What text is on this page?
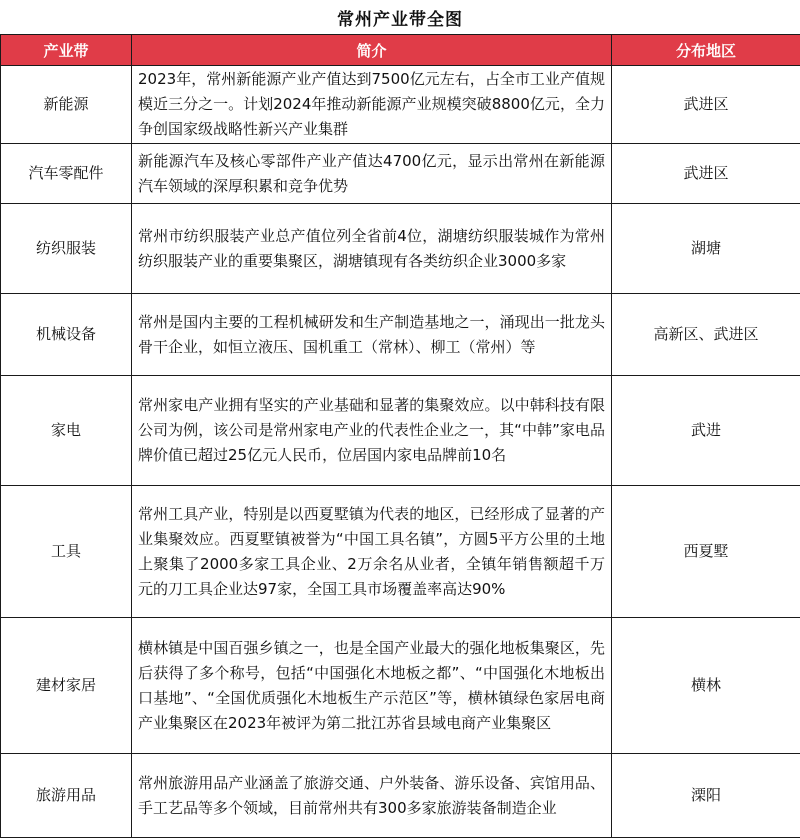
常州产业带全图
产业带	简介	分布地区
新能源	2023年，常州新能源产业产值达到7500亿元左右，占全市工业产值规模近三分之一。计划2024年推动新能源产业规模突破8800亿元，全力争创国家级战略性新兴产业集群	武进区
汽车零配件	新能源汽车及核心零部件产业产值达4700亿元，显示出常州在新能源汽车领域的深厚积累和竞争优势	武进区
纺织服装	常州市纺织服装产业总产值位列全省前4位，湖塘纺织服装城作为常州纺织服装产业的重要集聚区，湖塘镇现有各类纺织企业3000多家	湖塘
机械设备	常州是国内主要的工程机械研发和生产制造基地之一，涌现出一批龙头骨干企业，如恒立液压、国机重工（常林）、柳工（常州）等	高新区、武进区
家电	常州家电产业拥有坚实的产业基础和显著的集聚效应。以中韩科技有限公司为例，该公司是常州家电产业的代表性企业之一，其“中韩”家电品牌价值已超过25亿元人民币，位居国内家电品牌前10名	武进
工具	常州工具产业，特别是以西夏墅镇为代表的地区，已经形成了显著的产业集聚效应。西夏墅镇被誉为“中国工具名镇”，方圆5平方公里的土地上聚集了2000多家工具企业、2万余名从业者，全镇年销售额超千万元的刀工具企业达97家，全国工具市场覆盖率高达90%	西夏墅
建材家居	横林镇是中国百强乡镇之一，也是全国产业最大的强化地板集聚区，先后获得了多个称号，包括“中国强化木地板之都”、“中国强化木地板出口基地”、“全国优质强化木地板生产示范区”等，横林镇绿色家居电商产业集聚区在2023年被评为第二批江苏省县域电商产业集聚区	横林
旅游用品	常州旅游用品产业涵盖了旅游交通、户外装备、游乐设备、宾馆用品、手工艺品等多个领域，目前常州共有300多家旅游装备制造企业	溧阳
